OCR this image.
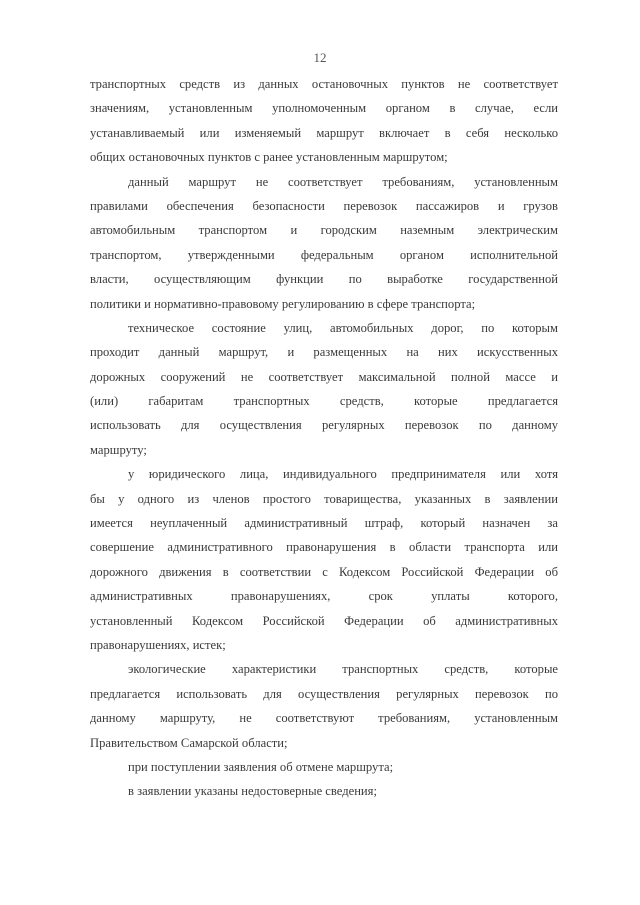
12
транспортных средств из данных остановочных пунктов не соответствует
значениям, установленным уполномоченным органом в случае, если
устанавливаемый или изменяемый маршрут включает в себя несколько
общих остановочных пунктов с ранее установленным маршрутом;
данный маршрут не соответствует требованиям, установленным
правилами обеспечения безопасности перевозок пассажиров и грузов
автомобильным транспортом и городским наземным электрическим
транспортом, утвержденными федеральным органом исполнительной
власти, осуществляющим функции по выработке государственной
политики и нормативно-правовому регулированию в сфере транспорта;
техническое состояние улиц, автомобильных дорог, по которым
проходит данный маршрут, и размещенных на них искусственных
дорожных сооружений не соответствует максимальной полной массе и
(или) габаритам транспортных средств, которые предлагается
использовать для осуществления регулярных перевозок по данному
маршруту;
у юридического лица, индивидуального предпринимателя или хотя
бы у одного из членов простого товарищества, указанных в заявлении
имеется неуплаченный административный штраф, который назначен за
совершение административного правонарушения в области транспорта или
дорожного движения в соответствии с Кодексом Российской Федерации об
административных правонарушениях, срок уплаты которого,
установленный Кодексом Российской Федерации об административных
правонарушениях, истек;
экологические характеристики транспортных средств, которые
предлагается использовать для осуществления регулярных перевозок по
данному маршруту, не соответствуют требованиям, установленным
Правительством Самарской области;
при поступлении заявления об отмене маршрута;
в заявлении указаны недостоверные сведения;
